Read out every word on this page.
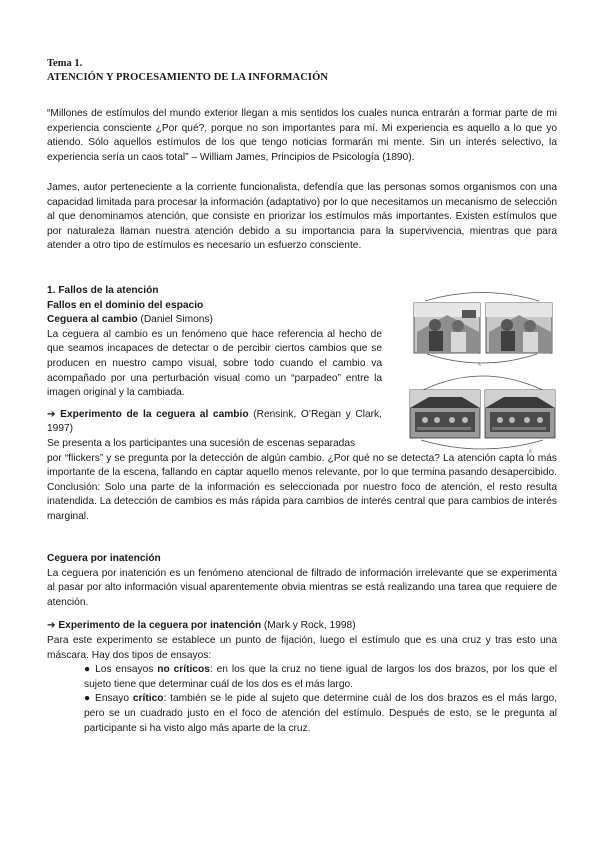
Tema 1.
ATENCIÓN Y PROCESAMIENTO DE LA INFORMACIÓN
“Millones de estímulos del mundo exterior llegan a mis sentidos los cuales nunca entrarán a formar parte de mi experiencia consciente ¿Por qué?, porque no son importantes para mí. Mi experiencia es aquello a lo que yo atiendo. Sólo aquellos estímulos de los que tengo noticias formarán mi mente. Sin un interés selectivo, la experiencia sería un caos total” – William James, Principios de Psicología (1890).
James, autor perteneciente a la corriente funcionalista, defendía que las personas somos organismos con una capacidad limitada para procesar la información (adaptativo) por lo que necesitamos un mecanismo de selección al que denominamos atención, que consiste en priorizar los estímulos más importantes. Existen estímulos que por naturaleza llaman nuestra atención debido a su importancia para la supervivencia, mientras que para atender a otro tipo de estímulos es necesario un esfuerzo consciente.
1. Fallos de la atención
Fallos en el dominio del espacio
Ceguera al cambio (Daniel Simons)
La ceguera al cambio es un fenómeno que hace referencia al hecho de que seamos incapaces de detectar o de percibir ciertos cambios que se producen en nuestro campo visual, sobre todo cuando el cambio va acompañado por una perturbación visual como un “parpadeo” entre la imagen original y la cambiada.
➔ Experimento de la ceguera al cambio (Rensink, O’Regan y Clark, 1997)
Se presenta a los participantes una sucesión de escenas separadas
por “flickers” y se pregunta por la detección de algún cambio. ¿Por qué no se detecta? La atención capta lo más importante de la escena, fallando en captar aquello menos relevante, por lo que termina pasando desapercibido. Conclusión: Solo una parte de la información es seleccionada por nuestro foco de atención, el resto resulta inatendida. La detección de cambios es más rápida para cambios de interés central que para cambios de interés marginal.
Ceguera por inatención
La ceguera por inatención es un fenómeno atencional de filtrado de información irrelevante que se experimenta al pasar por alto información visual aparentemente obvia mientras se está realizando una tarea que requiere de atención.
➔ Experimento de la ceguera por inatención (Mark y Rock, 1998)
Para este experimento se establece un punto de fijación, luego el estímulo que es una cruz y tras esto una máscara. Hay dos tipos de ensayos:
● Los ensayos no críticos: en los que la cruz no tiene igual de largos los dos brazos, por los que el sujeto tiene que determinar cuál de los dos es el más largo.
● Ensayo crítico: también se le pide al sujeto que determine cuál de los dos brazos es el más largo, pero se un cuadrado justo en el foco de atención del estímulo. Después de esto, se le pregunta al participante si ha visto algo más aparte de la cruz.
A
B
